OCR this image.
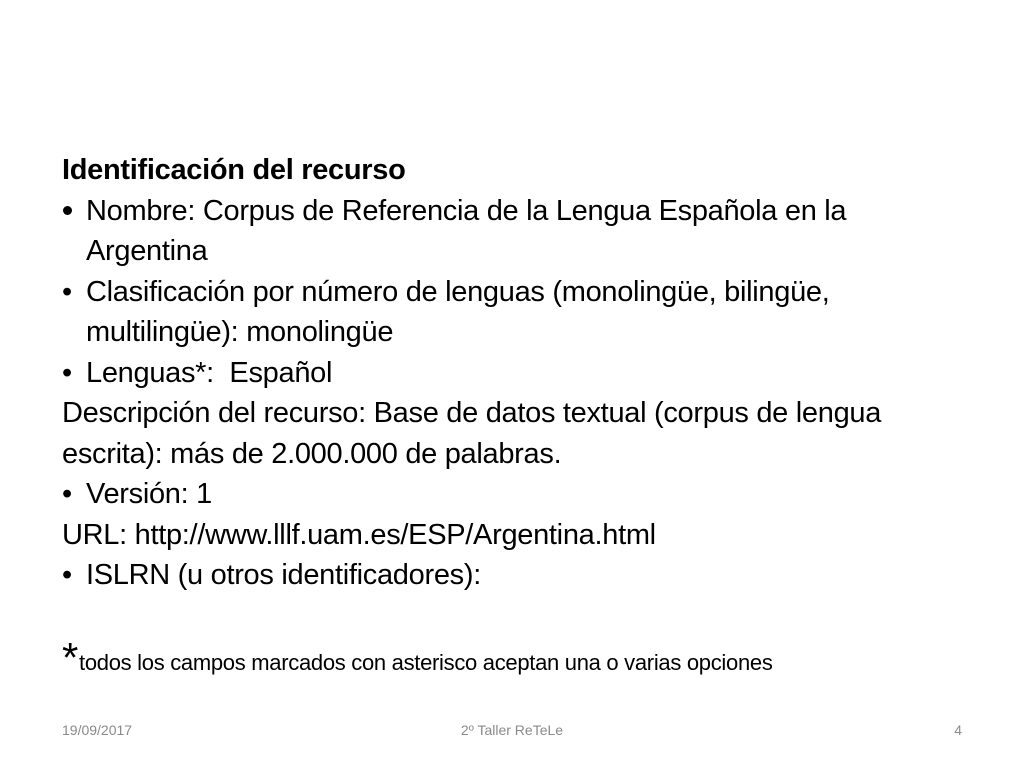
Identificación del recurso

Nombre: Corpus de Referencia de la Lengua Española en la Argentina
• Clasificación por número de lenguas (monolingüe, bilingüe, multilingüe): monolingüe
• Lenguas*:  Español

Descripción del recurso: Base de datos textual (corpus de lengua

escrita): más de 2.000.000 de palabras.

• Versión: 1

URL: http://www.lllf.uam.es/ESP/Argentina.html

• ISLRN (u otros identificadores):

*todos los campos marcados con asterisco aceptan una o varias opciones

19/09/2017	2º Taller ReTeLe	4
